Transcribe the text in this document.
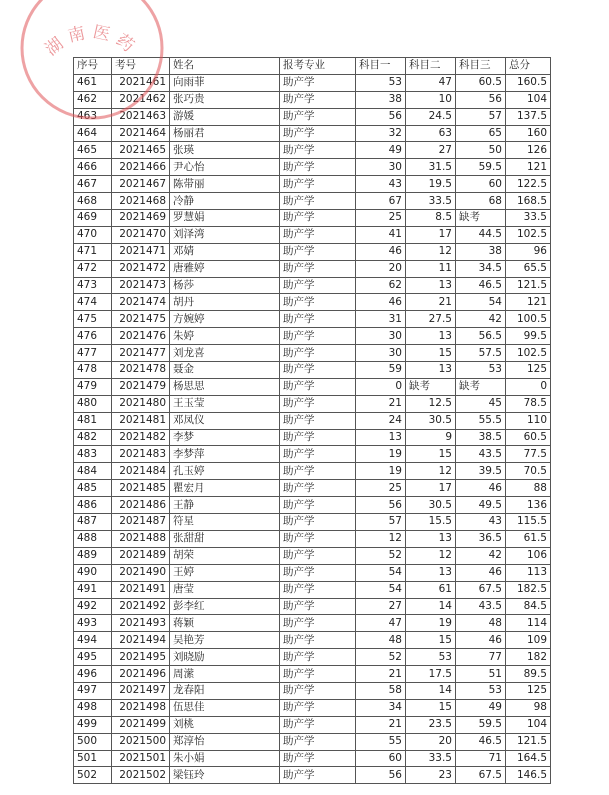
序号	考号	姓名	报考专业	科目一	科目二	科目三	总分
461	2021461	向雨菲	助产学	53	47	60.5	160.5
462	2021462	张巧贵	助产学	38	10	56	104
463	2021463	游媛	助产学	56	24.5	57	137.5
464	2021464	杨丽君	助产学	32	63	65	160
465	2021465	张瑛	助产学	49	27	50	126
466	2021466	尹心怡	助产学	30	31.5	59.5	121
467	2021467	陈带丽	助产学	43	19.5	60	122.5
468	2021468	冷静	助产学	67	33.5	68	168.5
469	2021469	罗慧娟	助产学	25	8.5	缺考	33.5
470	2021470	刘泽湾	助产学	41	17	44.5	102.5
471	2021471	邓婧	助产学	46	12	38	96
472	2021472	唐雅婷	助产学	20	11	34.5	65.5
473	2021473	杨莎	助产学	62	13	46.5	121.5
474	2021474	胡丹	助产学	46	21	54	121
475	2021475	方婉婷	助产学	31	27.5	42	100.5
476	2021476	朱婷	助产学	30	13	56.5	99.5
477	2021477	刘龙喜	助产学	30	15	57.5	102.5
478	2021478	聂金	助产学	59	13	53	125
479	2021479	杨思思	助产学	0	缺考	缺考	0
480	2021480	王玉莹	助产学	21	12.5	45	78.5
481	2021481	邓凤仪	助产学	24	30.5	55.5	110
482	2021482	李梦	助产学	13	9	38.5	60.5
483	2021483	李梦萍	助产学	19	15	43.5	77.5
484	2021484	孔玉婷	助产学	19	12	39.5	70.5
485	2021485	瞿宏月	助产学	25	17	46	88
486	2021486	王静	助产学	56	30.5	49.5	136
487	2021487	符星	助产学	57	15.5	43	115.5
488	2021488	张甜甜	助产学	12	13	36.5	61.5
489	2021489	胡荣	助产学	52	12	42	106
490	2021490	王婷	助产学	54	13	46	113
491	2021491	唐莹	助产学	54	61	67.5	182.5
492	2021492	彭李红	助产学	27	14	43.5	84.5
493	2021493	蒋颖	助产学	47	19	48	114
494	2021494	吴艳芳	助产学	48	15	46	109
495	2021495	刘晓励	助产学	52	53	77	182
496	2021496	周潆	助产学	21	17.5	51	89.5
497	2021497	龙春阳	助产学	58	14	53	125
498	2021498	伍思佳	助产学	34	15	49	98
499	2021499	刘桃	助产学	21	23.5	59.5	104
500	2021500	郑淳怡	助产学	55	20	46.5	121.5
501	2021501	朱小娟	助产学	60	33.5	71	164.5
502	2021502	梁钰玲	助产学	56	23	67.5	146.5
湖南医药
